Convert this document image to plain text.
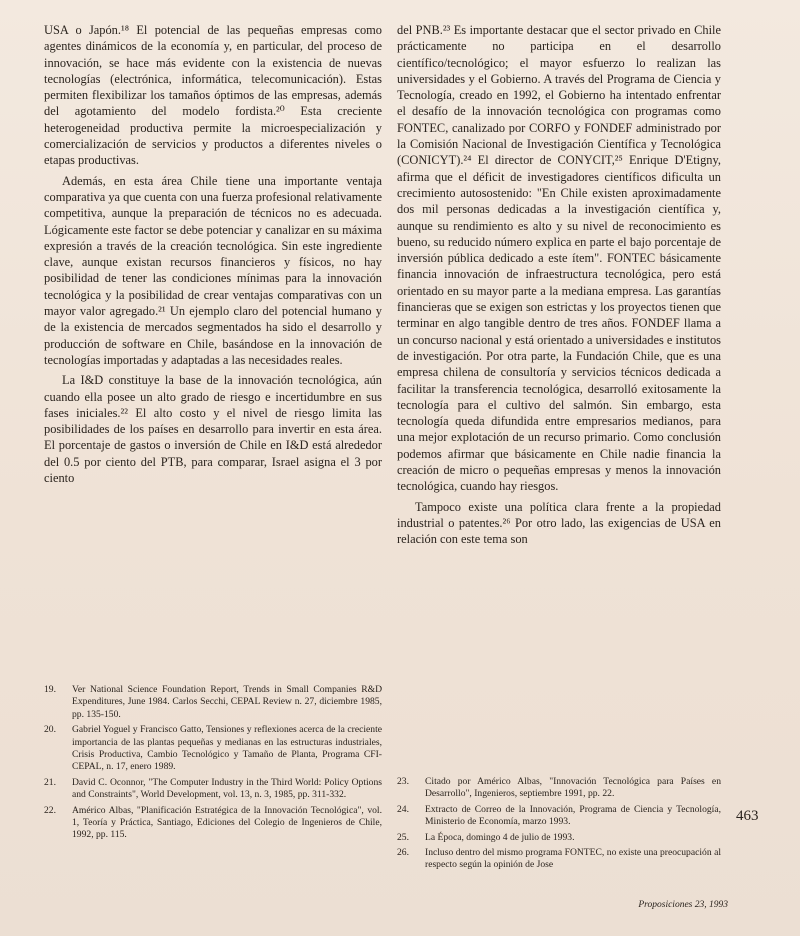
USA o Japón.¹⁸ El potencial de las pequeñas empresas como agentes dinámicos de la economía y, en particular, del proceso de innovación, se hace más evidente con la existencia de nuevas tecnologías (electrónica, informática, telecomunicación). Estas permiten flexibilizar los tamaños óptimos de las empresas, además del agotamiento del modelo fordista.²⁰ Esta creciente heterogeneidad productiva permite la microespecialización y comercialización de servicios y productos a diferentes niveles o etapas productivas.

Además, en esta área Chile tiene una importante ventaja comparativa ya que cuenta con una fuerza profesional relativamente competitiva, aunque la preparación de técnicos no es adecuada. Lógicamente este factor se debe potenciar y canalizar en su máxima expresión a través de la creación tecnológica. Sin este ingrediente clave, aunque existan recursos financieros y físicos, no hay posibilidad de tener las condiciones mínimas para la innovación tecnológica y la posibilidad de crear ventajas comparativas con un mayor valor agregado.²¹ Un ejemplo claro del potencial humano y de la existencia de mercados segmentados ha sido el desarrollo y producción de software en Chile, basándose en la innovación de tecnologías importadas y adaptadas a las necesidades reales.

La I&D constituye la base de la innovación tecnológica, aún cuando ella posee un alto grado de riesgo e incertidumbre en sus fases iniciales.²² El alto costo y el nivel de riesgo limita las posibilidades de los países en desarrollo para invertir en esta área. El porcentaje de gastos o inversión de Chile en I&D está alrededor del 0.5 por ciento del PTB, para comparar, Israel asigna el 3 por ciento

del PNB.²³ Es importante destacar que el sector privado en Chile prácticamente no participa en el desarrollo científico/tecnológico; el mayor esfuerzo lo realizan las universidades y el Gobierno. A través del Programa de Ciencia y Tecnología, creado en 1992, el Gobierno ha intentado enfrentar el desafío de la innovación tecnológica con programas como FONTEC, canalizado por CORFO y FONDEF administrado por la Comisión Nacional de Investigación Científica y Tecnológica (CONICYT).²⁴ El director de CONYCIT,²⁵ Enrique D'Etigny, afirma que el déficit de investigadores científicos dificulta un crecimiento autosostenido: "En Chile existen aproximadamente dos mil personas dedicadas a la investigación científica y, aunque su rendimiento es alto y su nivel de reconocimiento es bueno, su reducido número explica en parte el bajo porcentaje de inversión pública dedicado a este ítem". FONTEC básicamente financia innovación de infraestructura tecnológica, pero está orientado en su mayor parte a la mediana empresa. Las garantías financieras que se exigen son estrictas y los proyectos tienen que terminar en algo tangible dentro de tres años. FONDEF llama a un concurso nacional y está orientado a universidades e institutos de investigación. Por otra parte, la Fundación Chile, que es una empresa chilena de consultoría y servicios técnicos dedicada a facilitar la transferencia tecnológica, desarrolló exitosamente la tecnología para el cultivo del salmón. Sin embargo, esta tecnología queda difundida entre empresarios medianos, para una mejor explotación de un recurso primario. Como conclusión podemos afirmar que básicamente en Chile nadie financia la creación de micro o pequeñas empresas y menos la innovación tecnológica, cuando hay riesgos.

Tampoco existe una política clara frente a la propiedad industrial o patentes.²⁶ Por otro lado, las exigencias de USA en relación con este tema son

19.	Ver National Science Foundation Report, Trends in Small Companies R&D Expenditures, June 1984. Carlos Secchi, CEPAL Review n. 27, diciembre 1985, pp. 135-150.
20.	Gabriel Yoguel y Francisco Gatto, Tensiones y reflexiones acerca de la creciente importancia de las plantas pequeñas y medianas en las estructuras industriales, Crisis Productiva, Cambio Tecnológico y Tamaño de Planta, Programa CFI-CEPAL, n. 17, enero 1989.
21.	David C. Oconnor, "The Computer Industry in the Third World: Policy Options and Constraints", World Development, vol. 13, n. 3, 1985, pp. 311-332.
22.	Américo Albas, "Planificación Estratégica de la Innovación Tecnológica", vol. 1, Teoría y Práctica, Santiago, Ediciones del Colegio de Ingenieros de Chile, 1992, pp. 115.
23.	Citado por Américo Albas, "Innovación Tecnológica para Países en Desarrollo", Ingenieros, septiembre 1991, pp. 22.
24.	Extracto de Correo de la Innovación, Programa de Ciencia y Tecnología, Ministerio de Economía, marzo 1993.
25.	La Época, domingo 4 de julio de 1993.
26.	Incluso dentro del mismo programa FONTEC, no existe una preocupación al respecto según la opinión de Jose
463
Proposiciones 23, 1993
